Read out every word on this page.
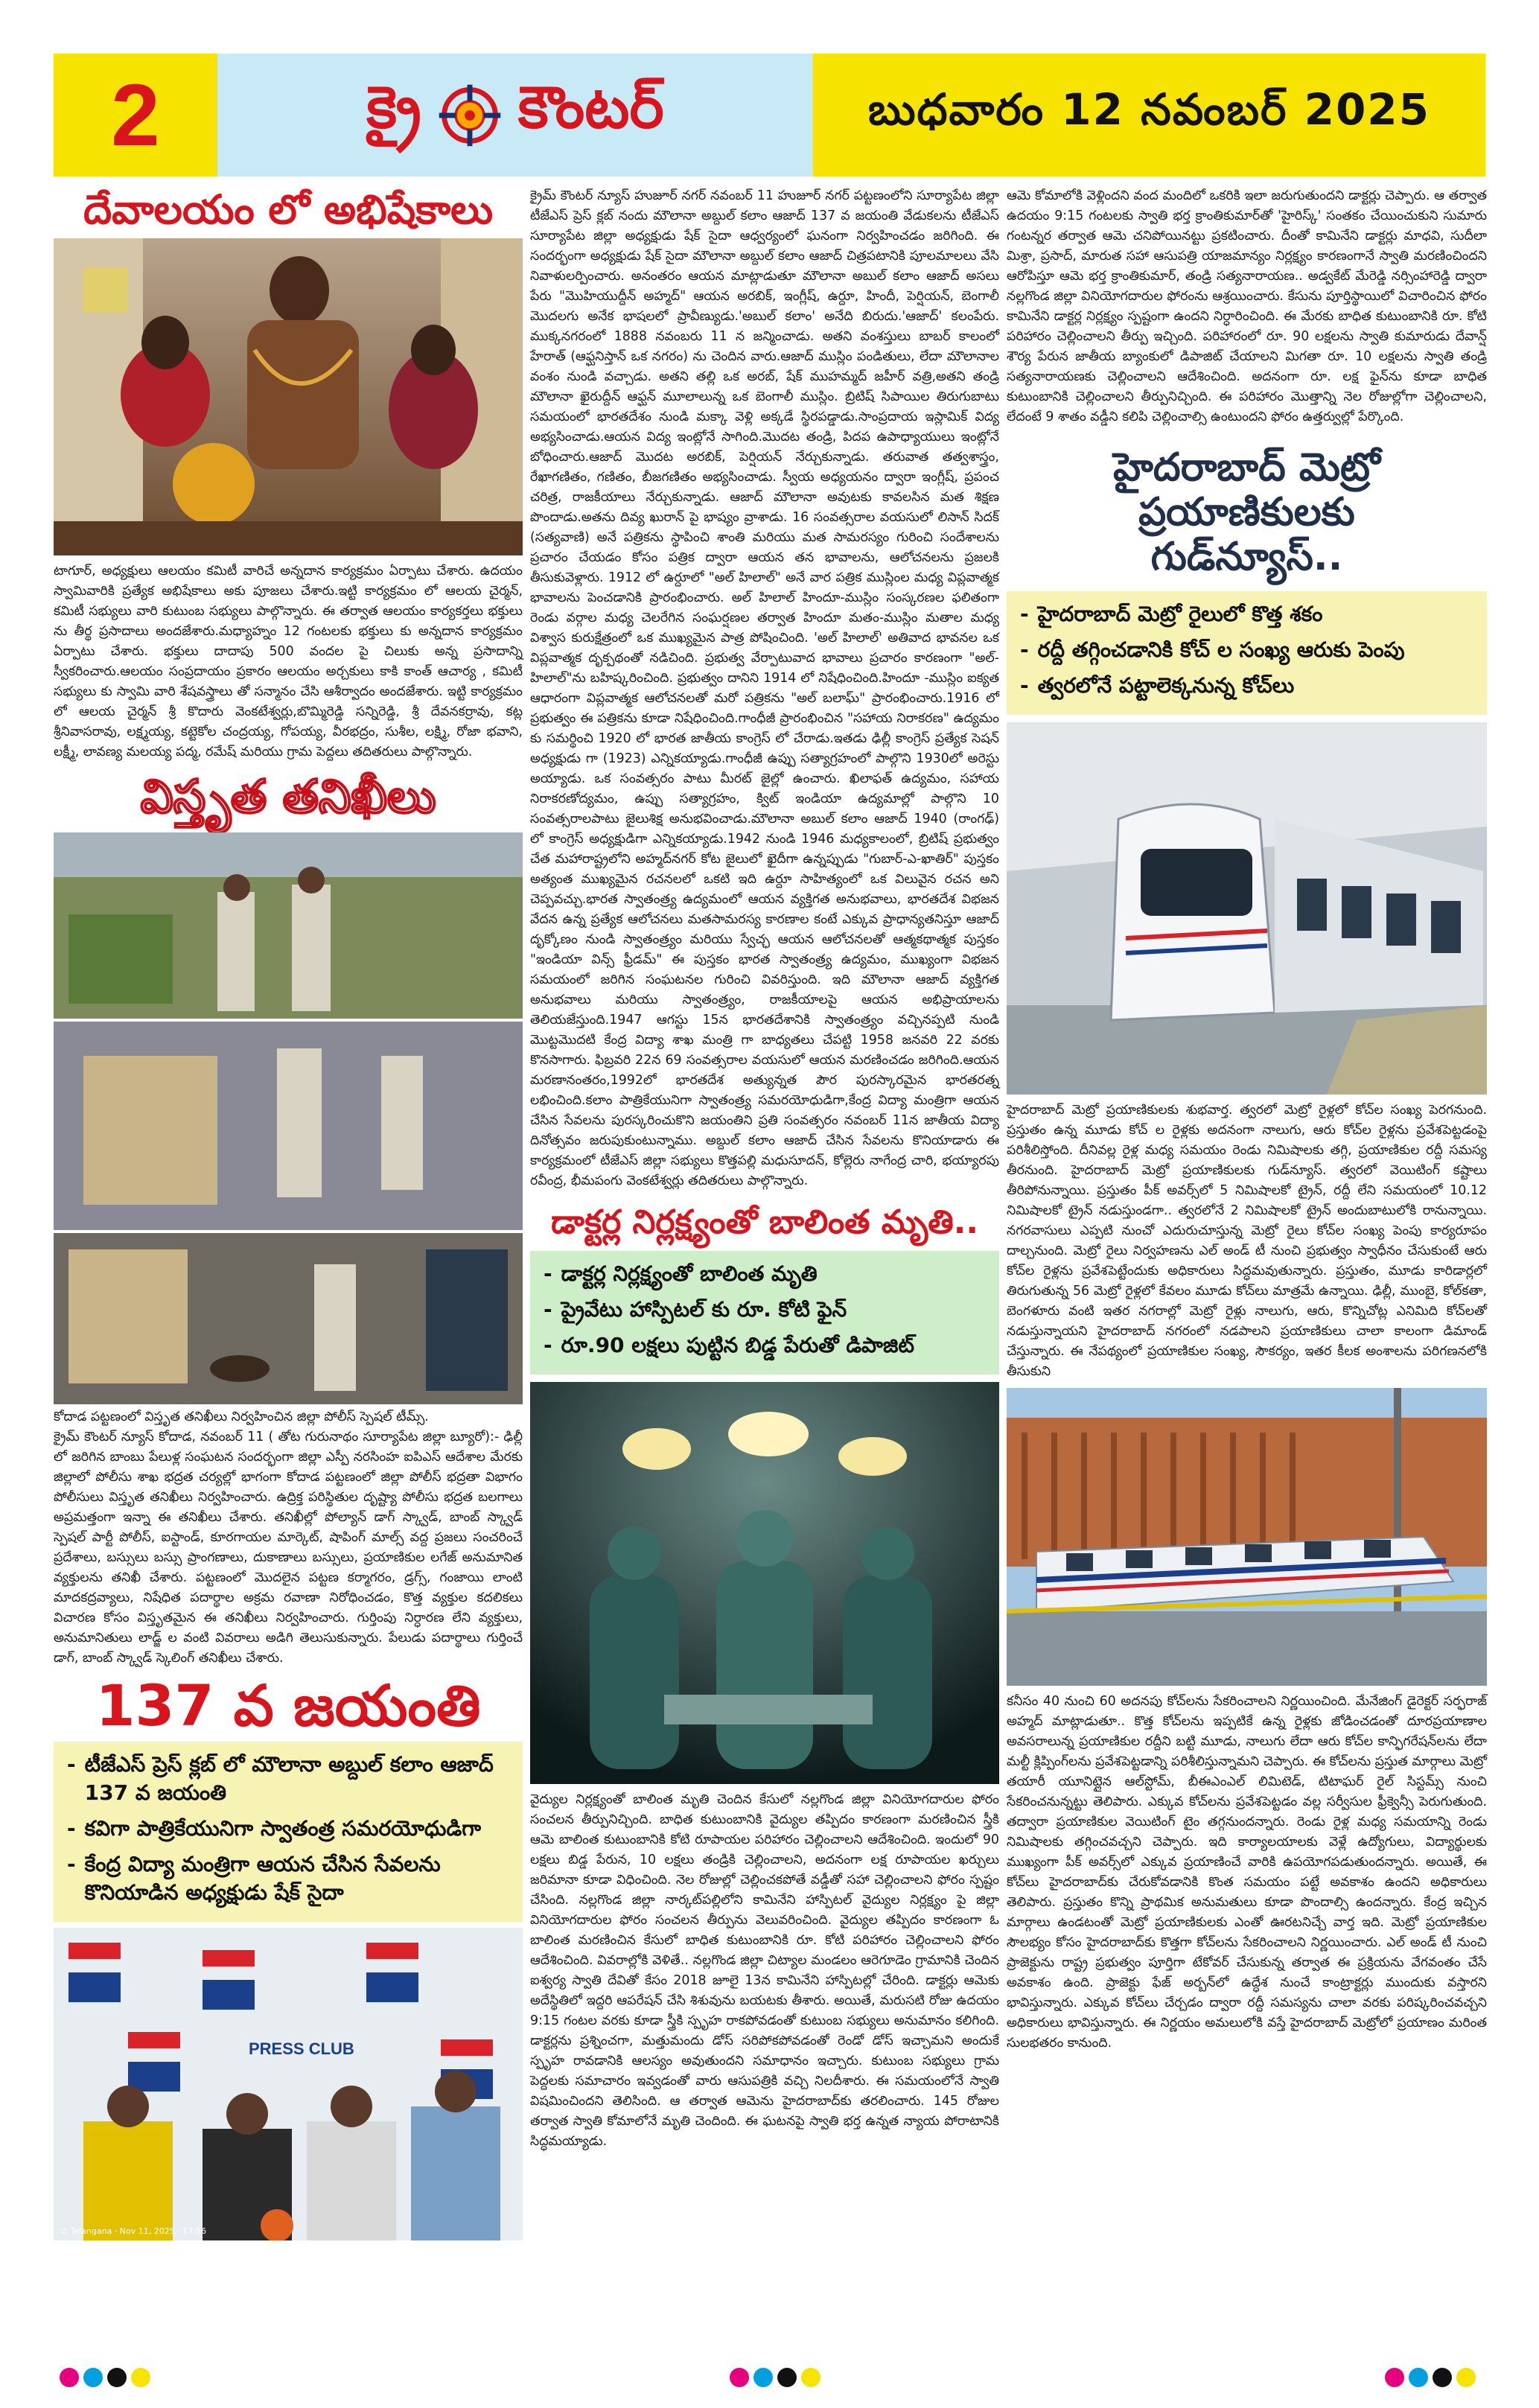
2	క్రై కౌంటర్	బుధవారం 12 నవంబర్ 2025
దేవాలయం లో అభిషేకాలు

టాగూర్, అధ్యక్షులు ఆలయం కమిటీ వారిచే అన్నదాన కార్యక్రమం ఏర్పాటు చేశారు. ఉదయం స్వామివారికి ప్రత్యేక అభిషేకాలు అకు పూజలు చేశారు.ఇట్టి కార్యక్రమం లో ఆలయ చైర్మన్, కమిటీ సభ్యులు వారి కుటుంబ సభ్యులు పాల్గొన్నారు. ఈ తర్వాత ఆలయం కార్యకర్తలు భక్తులు ను తీర్థ ప్రసాదాలు అందజేశారు.మధ్యాహ్నం 12 గంటలకు భక్తులు కు అన్నదాన కార్యక్రమం ఏర్పాటు చేశారు. భక్తులు దాదాపు 500 వందల పై చిలుకు అన్న ప్రసాదాన్ని స్వీకరించారు.ఆలయం సంప్రదాయం ప్రకారం ఆలయం అర్చకులు కాకి కాంత్ ఆచార్య , కమిటీ సభ్యులు కు స్వామి వారి శేషవస్త్రాలు తో సన్మానం చేసి ఆశీర్వాదం అందజేశారు. ఇట్టి కార్యక్రమం లో ఆలయ చైర్మన్ శ్రీ కొదారు వెంకటేశ్వర్లు,బొమ్మిరెడ్డి సన్నిరెడ్డి, శ్రీ దేవనకర్రావు, కట్ల శ్రీనివాసరావు, లక్ష్మయ్య, కట్టెకోల చంద్రయ్య, గోపయ్య, వీరభద్రం, సుశీల, లక్ష్మి, రోజా భవాని, లక్ష్మీ, లావణ్య మలయ్య పద్మ, రమేష్ మరియు గ్రామ పెద్దలు తదితరులు పాల్గొన్నారు.

విస్తృత తనిఖీలు

కోదాడ పట్టణంలో విస్తృత తనిఖీలు నిర్వహించిన జిల్లా పోలీస్ స్పెషల్ టీమ్స్.

క్రైమ్ కౌంటర్ న్యూస్ కోదాడ, నవంబర్ 11 ( తోట గురునాథం సూర్యాపేట జిల్లా బ్యూరో):- ఢిల్లీ లో జరిగిన బాంబు పేలుళ్ల సంఘటన సందర్భంగా జిల్లా ఎస్పీ నరసింహ ఐపిఎస్ ఆదేశాల మేరకు జిల్లాలో పోలీసు శాఖ భద్రత చర్యల్లో భాగంగా కోదాడ పట్టణంలో జిల్లా పోలీస్ భద్రతా విభాగం పోలీసులు విస్తృత తనిఖీలు నిర్వహించారు. ఉద్రిక్త పరిస్థితుల దృష్ట్యా పోలీసు భద్రత బలగాలు అప్రమత్తంగా ఇన్నా ఈ తనిఖీలు చేశారు. తనిఖీల్లో పోల్యాన్ డాగ్ స్క్వాడ్, బాంబ్ స్క్వాడ్ స్పెషల్ పార్టీ పోలీస్, ఐస్టాండ్, కూరగాయల మార్కెట్, షాపింగ్ మాల్స్ వద్ద ప్రజలు సంచరించే ప్రదేశాలు, బస్సులు బస్సు ప్రాంగణాలు, దుకాణాలు బస్సులు, ప్రయాణికుల లగేజ్ అనుమానిత వ్యక్తులను తనిఖీ చేశారు. పట్టణంలో మొదలైన పట్టణ కర్మాగరం, డ్రగ్స్, గంజాయి లాంటి మాదకద్రవ్యాలు, నిషేధిత పదార్థాల అక్రమ రవాణా నిరోధించడం, కొత్త వ్యక్తుల కదలికలు విచారణ కోసం విస్తృతమైన ఈ తనిఖీలు నిర్వహించారు. గుర్తింపు నిర్ధారణ లేని వ్యక్తులు, అనుమానితులు లాడ్జ్ ల వంటి వివరాలు అడిగి తెలుసుకున్నారు. పేలుడు పదార్థాలు గుర్తించే డాగ్, బాంబ్ స్క్వాడ్ స్కెలింగ్ తనిఖీలు చేశారు.

137 వ జయంతి

- టీజేఎస్ ప్రెస్ క్లబ్ లో మౌలానా అబ్దుల్ కలాం ఆజాద్ 137 వ జయంతి

- కవిగా పాత్రికేయునిగా స్వాతంత్ర సమరయోధుడిగా

- కేంద్ర విద్యా మంత్రిగా ఆయన చేసిన సేవలను కొనియాడిన అధ్యక్షుడు షేక్ సైదా

PRESS CLUB
© Telangana · Nov 11, 2025 · 17:56

క్రైమ్ కౌంటర్ న్యూస్ హుజూర్ నగర్ నవంబర్ 11 హుజూర్ నగర్ పట్టణంలోని సూర్యాపేట జిల్లా టీజేఎస్ ప్రెస్ క్లబ్ నందు మౌలానా అబ్దుల్ కలాం ఆజాద్ 137 వ జయంతి వేడుకలను టీజేఎస్ సూర్యాపేట జిల్లా అధ్యక్షుడు షేక్ సైదా ఆధ్వర్యంలో ఘనంగా నిర్వహించడం జరిగింది. ఈ సందర్భంగా అధ్యక్షుడు షేక్ సైదా మౌలానా అబ్దుల్ కలాం ఆజాద్ చిత్రపటానికి పూలమాలలు వేసి నివాళులర్పించారు. అనంతరం ఆయన మాట్లాడుతూ మౌలానా అబుల్ కలాం ఆజాద్ అసలు పేరు "మొహియుద్దీన్ అహ్మద్" ఆయన అరబిక్, ఇంగ్లీష్, ఉర్దూ, హిందీ, పెర్షియన్, బెంగాలీ మొదలగు అనేక భాషలలో ప్రావీణ్యుడు.'అబుల్ కలాం' అనేది బిరుదు.'ఆజాద్' కలంపేరు. ముక్కనగరంలో 1888 నవంబరు 11 న జన్మించాడు. అతని వంశస్తులు బాబర్ కాలంలో హేరాత్ (ఆఫ్ఘనిస్తాన్ ఒక నగరం) ను చెందిన వారు.ఆజాద్ ముస్లిం పండితులు, లేదా మౌలానాల వంశం నుండి వచ్చాడు. అతని తల్లి ఒక అరబ్, షేక్ ముహమ్మద్ జహీర్ వత్రి,అతని తండ్రి మౌలానా ఖైరుద్దీన్ ఆఫ్ఘన్ మూలాలున్న ఒక బెంగాలీ ముస్లిం. బ్రిటిష్ సిపాయిల తిరుగుబాటు సమయంలో భారతదేశం నుండి మక్కా వెళ్లి అక్కడే స్థిరపడ్డాడు.సాంప్రదాయ ఇస్లామిక్ విద్య అభ్యసించాడు.ఆయన విద్య ఇంట్లోనే సాగింది.మొదట తండ్రి, పిదప ఉపాధ్యాయులు ఇంట్లోనే బోధించారు.ఆజాద్ మొదట అరబిక్, పెర్షియన్ నేర్చుకున్నాడు. తరువాత తత్వశాస్త్రం, రేఖాగణితం, గణితం, బీజగణితం అభ్యసించాడు. స్వీయ అధ్యయనం ద్వారా ఇంగ్లీష్, ప్రపంచ చరిత్ర, రాజకీయాలు నేర్చుకున్నాడు. ఆజాద్ మౌలానా అవుటకు కావలసిన మత శిక్షణ పొందాడు.అతను దివ్య ఖురాన్ పై భాష్యం వ్రాశాడు. 16 సంవత్సరాల వయసులో లిసాన్ సిదక్ (సత్యవాణి) అనే పత్రికను స్థాపించి శాంతి మరియు మత సామరస్యం గురించి సందేశాలను ప్రచారం చేయడం కోసం పత్రిక ద్వారా ఆయన తన భావాలను, ఆలోచనలను ప్రజలకి తీసుకువెళ్లారు. 1912 లో ఉర్దూలో "అల్ హిలాల్" అనే వార పత్రిక ముస్లింల మధ్య విప్లవాత్మక భావాలను పెంచడానికి ప్రారంభించారు. అల్ హిలాల్ హిందూ-ముస్లిం సంస్కరణల ఫలితంగా రెండు వర్గాల మధ్య చెలరేగిన సంఘర్షణల తర్వాత హిందూ మతం-ముస్లిం మతాల మధ్య విశ్వాస కురుక్షేత్రంలో ఒక ముఖ్యమైన పాత్ర పోషించింది. 'అల్ హిలాల్' అతివాద భావనల ఒక విప్లవాత్మక దృక్పథంతో నడిచింది. ప్రభుత్వ వేర్పాటువాద భావాలు ప్రచారం కారణంగా "అల్-హిలాల్"ను బహిష్కరించింది. ప్రభుత్వం దానిని 1914 లో నిషేధించింది.హిందూ -ముస్లిం ఐక్యత ఆధారంగా విప్లవాత్మక ఆలోచనలతో మరో పత్రికను "అల్ బలాఘ్" ప్రారంభించారు.1916 లో ప్రభుత్వం ఈ పత్రికను కూడా నిషేధించింది.గాంధీజీ ప్రారంభించిన "సహాయ నిరాకరణ" ఉద్యమం కు సమర్థించి 1920 లో భారత జాతీయ కాంగ్రెస్ లో చేరాడు.ఇతడు ఢిల్లీ కాంగ్రెస్ ప్రత్యేక సెషన్ అధ్యక్షుడు గా (1923) ఎన్నికయ్యాడు.గాంధీజీ ఉప్పు సత్యాగ్రహంలో పాల్గొని 1930లో అరెస్టు అయ్యాడు. ఒక సంవత్సరం పాటు మీరట్ జైల్లో ఉంచారు. ఖిలాఫత్ ఉద్యమం, సహాయ నిరాకరణోద్యమం, ఉప్పు సత్యాగ్రహం, క్విట్ ఇండియా ఉద్యమాల్లో పాల్గొని 10 సంవత్సరాలపాటు జైలుశిక్ష అనుభవించాడు.మౌలానా అబుల్ కలాం ఆజాద్ 1940 (రాంగఢ్) లో కాంగ్రెస్ అధ్యక్షుడిగా ఎన్నికయ్యాడు.1942 నుండి 1946 మధ్యకాలంలో, బ్రిటిష్ ప్రభుత్వం చేత మహారాష్ట్రలోని అహ్మద్‌నగర్ కోట జైలులో ఖైదీగా ఉన్నప్పుడు "గుబార్-ఎ-ఖాతిర్" పుస్తకం అత్యంత ముఖ్యమైన రచనలలో ఒకటి ఇది ఉర్దూ సాహిత్యంలో ఒక విలువైన రచన అని చెప్పవచ్చు.భారత స్వాతంత్ర్య ఉద్యమంలో ఆయన వ్యక్తిగత అనుభవాలు, భారతదేశ విభజన వేదన ఉన్న ప్రత్యేక ఆలోచనలు మతసామరస్య కారణాల కంటే ఎక్కువ ప్రాధాన్యతనిస్తూ ఆజాద్ దృక్కోణం నుండి స్వాతంత్ర్యం మరియు స్వేచ్ఛ ఆయన ఆలోచనలతో ఆత్మకథాత్మక పుస్తకం "ఇండియా విన్స్ ఫ్రీడమ్" ఈ పుస్తకం భారత స్వాతంత్ర్య ఉద్యమం, ముఖ్యంగా విభజన సమయంలో జరిగిన సంఘటనల గురించి వివరిస్తుంది. ఇది మౌలానా ఆజాద్ వ్యక్తిగత అనుభవాలు మరియు స్వాతంత్ర్యం, రాజకీయాలపై ఆయన అభిప్రాయాలను తెలియజేస్తుంది.1947 ఆగస్టు 15న భారతదేశానికి స్వాతంత్ర్యం వచ్చినప్పటి నుండి మొట్టమొదటి కేంద్ర విద్యా శాఖ మంత్రి గా బాధ్యతలు చేపట్టి 1958 జనవరి 22 వరకు కొనసాగారు. ఫిబ్రవరి 22న 69 సంవత్సరాల వయసులో ఆయన మరణించడం జరిగింది.ఆయన మరణానంతరం,1992లో భారతదేశ అత్యున్నత పౌర పురస్కారమైన భారతరత్న లభించింది.కలాం పాత్రికేయునిగా స్వాతంత్ర్య సమరయోధుడిగా,కేంద్ర విద్యా మంత్రిగా ఆయన చేసిన సేవలను పురస్కరించుకొని జయంతిని ప్రతి సంవత్సరం నవంబర్ 11న జాతీయ విద్యా దినోత్సవం జరుపుకుంటున్నాము. అబ్దుల్ కలాం ఆజాద్ చేసిన సేవలను కొనియాడారు ఈ కార్యక్రమంలో టీజేఎస్ జిల్లా సభ్యులు కొత్తపల్లి మధుసూదన్, కోల్లెరు నాగేంద్ర చారి, భయ్యారపు రవీంద్ర, భీమపంగు వెంకటేశ్వర్లు తదితరులు పాల్గొన్నారు.

డాక్టర్ల నిర్లక్ష్యంతో బాలింత మృతి..

- డాక్టర్ల నిర్లక్ష్యంతో బాలింత మృతి

- ప్రైవేటు హాస్పిటల్ కు రూ. కోటి ఫైన్

- రూ.90 లక్షలు పుట్టిన బిడ్డ పేరుతో డిపాజిట్

వైద్యుల నిర్లక్ష్యంతో బాలింత మృతి చెందిన కేసులో నల్లగొండ జిల్లా వినియోగదారుల ఫోరం సంచలన తీర్పునిచ్చింది. బాధిత కుటుంబానికి వైద్యుల తప్పిదం కారణంగా మరణించిన స్త్రీకి ఆమె బాలింత కుటుంబానికి కోటి రూపాయల పరిహారం చెల్లించాలని ఆదేశించింది. ఇందులో 90 లక్షలు బిడ్డ పేరున, 10 లక్షలు తండ్రికి చెల్లించాలని, అదనంగా లక్ష రూపాయల ఖర్చులు జరిమానా కూడా విధించింది. నెల రోజుల్లో చెల్లించకపోతే వడ్డీతో సహా చెల్లించాలని ఫోరం స్పష్టం చేసింది. నల్లగొండ జిల్లా నార్కట్‌పల్లిలోని కామినేని హాస్పిటల్ వైద్యుల నిర్లక్ష్యం పై జిల్లా వినియోగదారుల ఫోరం సంచలన తీర్పును వెలువరించింది. వైద్యుల తప్పిదం కారణంగా ఓ బాలింత మరణించిన కేసులో బాధిత కుటుంబానికి రూ. కోటి పరిహారం చెల్లించాలని ఫోరం ఆదేశించింది. వివరాల్లోకి వెళితే.. నల్లగొండ జిల్లా చిట్యాల మండలం ఆరెగూడెం గ్రామానికి చెందిన ఐశ్వర్య స్వాతి దేవితో కేసం 2018 జూలై 13న కామినేని హాస్పిటల్లో చేరింది. డాక్టర్లు ఆమెకు అదేస్థితిలో ఇద్దరి ఆపరేషన్ చేసి శిశువును బయటకు తీశారు. అయితే, మరుసటి రోజు ఉదయం 9:15 గంటల వరకు కూడా స్త్రీకి స్పృహ రాకపోవడంతో కుటుంబ సభ్యులు అనుమానం కలిగింది. డాక్టర్లను ప్రశ్నించగా, మత్తుమందు డోస్ సరిపోకపోవడంతో రెండో డోస్ ఇచ్చామని అందుకే స్పృహ రావడానికి ఆలస్యం అవుతుందని సమాధానం ఇచ్చారు. కుటుంబ సభ్యులు గ్రామ పెద్దలకు సమాచారం ఇవ్వడంతో వారు ఆసుపత్రికి వచ్చి నిలదీశారు. ఈ సమయంలోనే స్వాతి విషమించిందని తెలిసింది. ఆ తర్వాత ఆమెను హైదరాబాద్‌కు తరలించారు. 145 రోజుల తర్వాత స్వాతి కోమాలోనే మృతి చెందింది. ఈ ఘటనపై స్వాతి భర్త ఉన్నత న్యాయ పోరాటానికి సిద్ధమయ్యాడు.

ఆమె కోమాలోకి వెళ్లిందని వంద మందిలో ఒకరికి ఇలా జరుగుతుందని డాక్టర్లు చెప్పారు. ఆ తర్వాత ఉదయం 9:15 గంటలకు స్వాతి భర్త క్రాంతికుమార్‌తో 'హైరిస్క్' సంతకం చేయించుకుని సుమారు గంటన్నర తర్వాత ఆమె చనిపోయినట్టు ప్రకటించారు. దీంతో కామినేని డాక్టర్లు మాధవి, సుదీలా మిశ్రా, ప్రసాద్, మారుత సహా ఆసుపత్రి యాజమాన్యం నిర్లక్ష్యం కారణంగానే స్వాతి మరణించిందని ఆరోపిస్తూ ఆమె భర్త క్రాంతికుమార్, తండ్రి సత్యనారాయణ.. అడ్వకేట్ మేరెడ్డి నర్సింహారెడ్డి ద్వారా నల్లగొండ జిల్లా వినియోగదారుల ఫోరంను ఆశ్రయించారు. కేసును పూర్తిస్థాయిలో విచారించిన ఫోరం కామినేని డాక్టర్ల నిర్లక్ష్యం స్పష్టంగా ఉందని నిర్ధారించింది. ఈ మేరకు బాధిత కుటుంబానికి రూ. కోటి పరిహారం చెల్లించాలని తీర్పు ఇచ్చింది. పరిహారంలో రూ. 90 లక్షలను స్వాతి కుమారుడు దేవాన్ష్ శౌర్య పేరున జాతీయ బ్యాంకులో డిపాజిట్ చేయాలని మిగతా రూ. 10 లక్షలను స్వాతి తండ్రి సత్యనారాయణకు చెల్లించాలని ఆదేశించింది. అదనంగా రూ. లక్ష ఫైన్‌ను కూడా బాధిత కుటుంబానికి చెల్లించాలని తీర్పునిచ్చింది. ఈ పరిహారం మొత్తాన్ని నెల రోజుల్లోగా చెల్లించాలని, లేదంటే 9 శాతం వడ్డీని కలిపి చెల్లించాల్సి ఉంటుందని ఫోరం ఉత్తర్వుల్లో పేర్కొంది.

హైదరాబాద్ మెట్రో
ప్రయాణికులకు
గుడ్‌న్యూస్..

- హైదరాబాద్ మెట్రో రైలులో కొత్త శకం

- రద్దీ తగ్గించడానికి కోచ్ ల సంఖ్య ఆరుకు పెంపు

- త్వరలోనే పట్టాలెక్కనున్న కోచ్‌లు

హైదరాబాద్ మెట్రో ప్రయాణికులకు శుభవార్త. త్వరలో మెట్రో రైళ్లలో కోచ్‌ల సంఖ్య పెరగనుంది. ప్రస్తుతం ఉన్న మూడు కోచ్ ల రైళ్లకు అదనంగా నాలుగు, ఆరు కోచ్‌ల రైళ్లను ప్రవేశపెట్టడంపై పరిశీలిస్తోంది. దీనివల్ల రైళ్ల మధ్య సమయం రెండు నిమిషాలకు తగ్గి, ప్రయాణికుల రద్దీ సమస్య తీరనుంది. హైదరాబాద్ మెట్రో ప్రయాణికులకు గుడ్‌న్యూస్. త్వరలో వెయిటింగ్ కష్టాలు తీరిపోనున్నాయి. ప్రస్తుతం పీక్ అవర్స్‌లో 5 నిమిషాలకో ట్రైన్, రద్దీ లేని సమయంలో 10.12 నిమిషాలకో ట్రైన్ నడుస్తుండగా.. త్వరలోనే 2 నిమిషాలకో ట్రైన్ అందుబాటులోకి రానున్నాయి. నగరవాసులు ఎప్పటి నుంచో ఎదురుచూస్తున్న మెట్రో రైలు కోచ్‌ల సంఖ్య పెంపు కార్యరూపం దాల్చనుంది. మెట్రో రైలు నిర్వహణను ఎల్ అండ్ టీ నుంచి ప్రభుత్వం స్వాధీనం చేసుకుంటే ఆరు కోచ్‌ల రైళ్లను ప్రవేశపెట్టేందుకు అధికారులు సిద్ధమవుతున్నారు. ప్రస్తుతం, మూడు కారిడార్లలో తిరుగుతున్న 56 మెట్రో రైళ్లలో కేవలం మూడు కోచ్‌లు మాత్రమే ఉన్నాయి. ఢిల్లీ, ముంబై, కోల్‌కతా, బెంగళూరు వంటి ఇతర నగరాల్లో మెట్రో రైళ్లు నాలుగు, ఆరు, కొన్నిచోట్ల ఎనిమిది కోచ్‌లతో నడుస్తున్నాయని హైదరాబాద్ నగరంలో నడపాలని ప్రయాణికులు చాలా కాలంగా డిమాండ్ చేస్తున్నారు. ఈ నేపథ్యంలో ప్రయాణికుల సంఖ్య, సౌకర్యం, ఇతర కీలక అంశాలను పరిగణనలోకి తీసుకుని

కనీసం 40 నుంచి 60 అదనపు కోచ్‌లను సేకరించాలని నిర్ణయించింది. మేనేజింగ్ డైరెక్టర్ సర్ఫరాజ్ అహ్మద్ మాట్లాడుతూ.. కొత్త కోచ్‌లను ఇప్పటికే ఉన్న రైళ్లకు జోడించడంతో దూరప్రయాణాల అవసరాలున్న ప్రయాణికుల రద్దీని బట్టి మూడు, నాలుగు లేదా ఆరు కోచ్‌ల కాన్ఫిగరేషన్‌లను లేదా మల్టీ క్లిప్పింగ్‌లను ప్రవేశపెట్టడాన్ని పరిశీలిస్తున్నామని చెప్పారు. ఈ కోచ్‌లను ప్రస్తుత మార్గాలు మెట్రో తయారీ యూనిట్లైన ఆల్‌స్టోమ్, బీఈఎంఎల్ లిమిటెడ్, టిటాఘర్ రైల్ సిస్టమ్స్ నుంచి సేకరించనున్నట్టు తెలిపారు. ఎక్కువ కోచ్‌లను ప్రవేశపెట్టడం వల్ల సర్వీసుల ఫ్రీక్వెన్సీ పెరుగుతుంది. తద్వారా ప్రయాణికుల వెయిటింగ్ టైం తగ్గనుందన్నారు. రెండు రైళ్ల మధ్య సమయాన్ని రెండు నిమిషాలకు తగ్గించవచ్చని చెప్పారు. ఇది కార్యాలయాలకు వెళ్లే ఉద్యోగులు, విద్యార్థులకు ముఖ్యంగా పీక్ అవర్స్‌లో ఎక్కువ ప్రయాణించే వారికి ఉపయోగపడుతుందన్నారు. అయితే, ఈ కోచ్‌లు హైదరాబాద్‌కు చేరుకోవడానికి కొంత సమయం పట్టే అవకాశం ఉందని అధికారులు తెలిపారు. ప్రస్తుతం కొన్ని ప్రాథమిక అనుమతులు కూడా పొందాల్సి ఉందన్నారు. కేంద్ర ఇచ్చిన మార్గాలు ఉండటంతో మెట్రో ప్రయాణికులకు ఎంతో ఊరటనిచ్చే వార్త ఇది. మెట్రో ప్రయాణికుల సౌలభ్యం కోసం హైదరాబాద్‌కు కొత్తగా కోచ్‌లను సేకరించాలని నిర్ణయించారు. ఎల్ అండ్ టీ నుంచి ప్రాజెక్టును రాష్ట్ర ప్రభుత్వం పూర్తిగా టేకోవర్ చేసుకున్న తర్వాత ఈ ప్రక్రియను వేగవంతం చేసే అవకాశం ఉంది. ప్రాజెక్టు ఫేజ్ అర్బన్‌లో ఉద్ధేశ నుంచే కాంట్రాక్టర్లు ముందుకు వస్తారని భావిస్తున్నారు. ఎక్కువ కోచ్‌లు చేర్చడం ద్వారా రద్దీ సమస్యను చాలా వరకు పరిష్కరించవచ్చని అధికారులు భావిస్తున్నారు. ఈ నిర్ణయం అమలులోకి వస్తే హైదరాబాద్ మెట్రోలో ప్రయాణం మరింత సులభతరం కానుంది.
